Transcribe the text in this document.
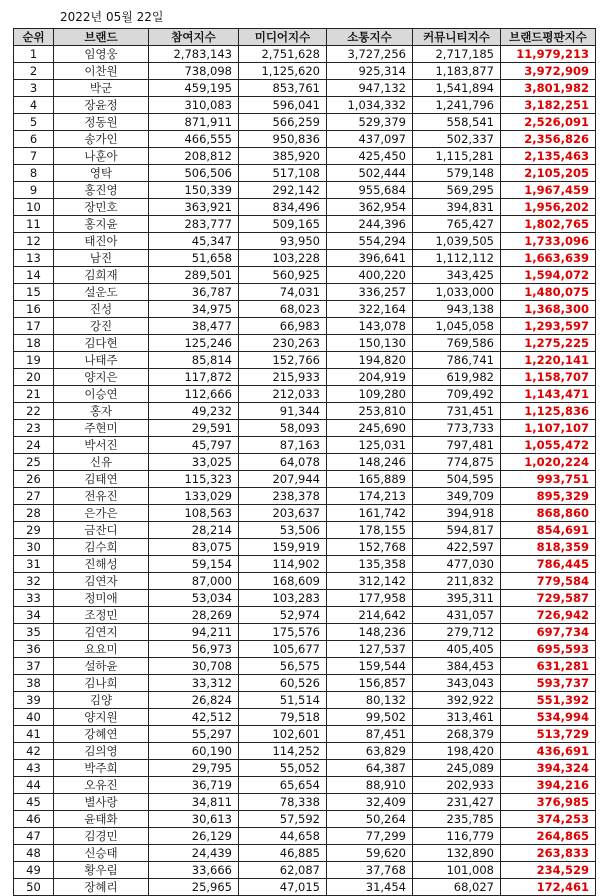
2022년 05월 22일
순위	브랜드	참여지수	미디어지수	소통지수	커뮤니티지수	브랜드평판지수
1	임영웅	2,783,143	2,751,628	3,727,256	2,717,185	11,979,213
2	이찬원	738,098	1,125,620	925,314	1,183,877	3,972,909
3	박군	459,195	853,761	947,132	1,541,894	3,801,982
4	장윤정	310,083	596,041	1,034,332	1,241,796	3,182,251
5	정동원	871,911	566,259	529,379	558,541	2,526,091
6	송가인	466,555	950,836	437,097	502,337	2,356,826
7	나훈아	208,812	385,920	425,450	1,115,281	2,135,463
8	영탁	506,506	517,108	502,444	579,148	2,105,205
9	홍진영	150,339	292,142	955,684	569,295	1,967,459
10	장민호	363,921	834,496	362,954	394,831	1,956,202
11	홍지윤	283,777	509,165	244,396	765,427	1,802,765
12	태진아	45,347	93,950	554,294	1,039,505	1,733,096
13	남진	51,658	103,228	396,641	1,112,112	1,663,639
14	김희재	289,501	560,925	400,220	343,425	1,594,072
15	설운도	36,787	74,031	336,257	1,033,000	1,480,075
16	진성	34,975	68,023	322,164	943,138	1,368,300
17	강진	38,477	66,983	143,078	1,045,058	1,293,597
18	김다현	125,246	230,263	150,130	769,586	1,275,225
19	나태주	85,814	152,766	194,820	786,741	1,220,141
20	양지은	117,872	215,933	204,919	619,982	1,158,707
21	이승연	112,666	212,033	109,280	709,492	1,143,471
22	홍자	49,232	91,344	253,810	731,451	1,125,836
23	주현미	29,591	58,093	245,690	773,733	1,107,107
24	박서진	45,797	87,163	125,031	797,481	1,055,472
25	신유	33,025	64,078	148,246	774,875	1,020,224
26	김태연	115,323	207,944	165,889	504,595	993,751
27	전유진	133,029	238,378	174,213	349,709	895,329
28	은가은	108,563	203,637	161,742	394,918	868,860
29	금잔디	28,214	53,506	178,155	594,817	854,691
30	김수희	83,075	159,919	152,768	422,597	818,359
31	진해성	59,154	114,902	135,358	477,030	786,445
32	김연자	87,000	168,609	312,142	211,832	779,584
33	정미애	53,034	103,283	177,958	395,311	729,587
34	조정민	28,269	52,974	214,642	431,057	726,942
35	김연지	94,211	175,576	148,236	279,712	697,734
36	요요미	56,973	105,677	127,537	405,405	695,593
37	설하윤	30,708	56,575	159,544	384,453	631,281
38	김나희	33,312	60,526	156,857	343,043	593,737
39	김양	26,824	51,514	80,132	392,922	551,392
40	양지원	42,512	79,518	99,502	313,461	534,994
41	강혜연	55,297	102,601	87,451	268,379	513,729
42	김의영	60,190	114,252	63,829	198,420	436,691
43	박주희	29,795	55,052	64,387	245,089	394,324
44	오유진	36,719	65,654	88,910	202,933	394,216
45	별사랑	34,811	78,338	32,409	231,427	376,985
46	윤태화	30,613	57,592	50,264	235,785	374,253
47	김경민	26,129	44,658	77,299	116,779	264,865
48	신승태	24,439	46,885	59,620	132,890	263,833
49	황우림	33,666	62,087	37,768	101,008	234,529
50	장혜리	25,965	47,015	31,454	68,027	172,461
